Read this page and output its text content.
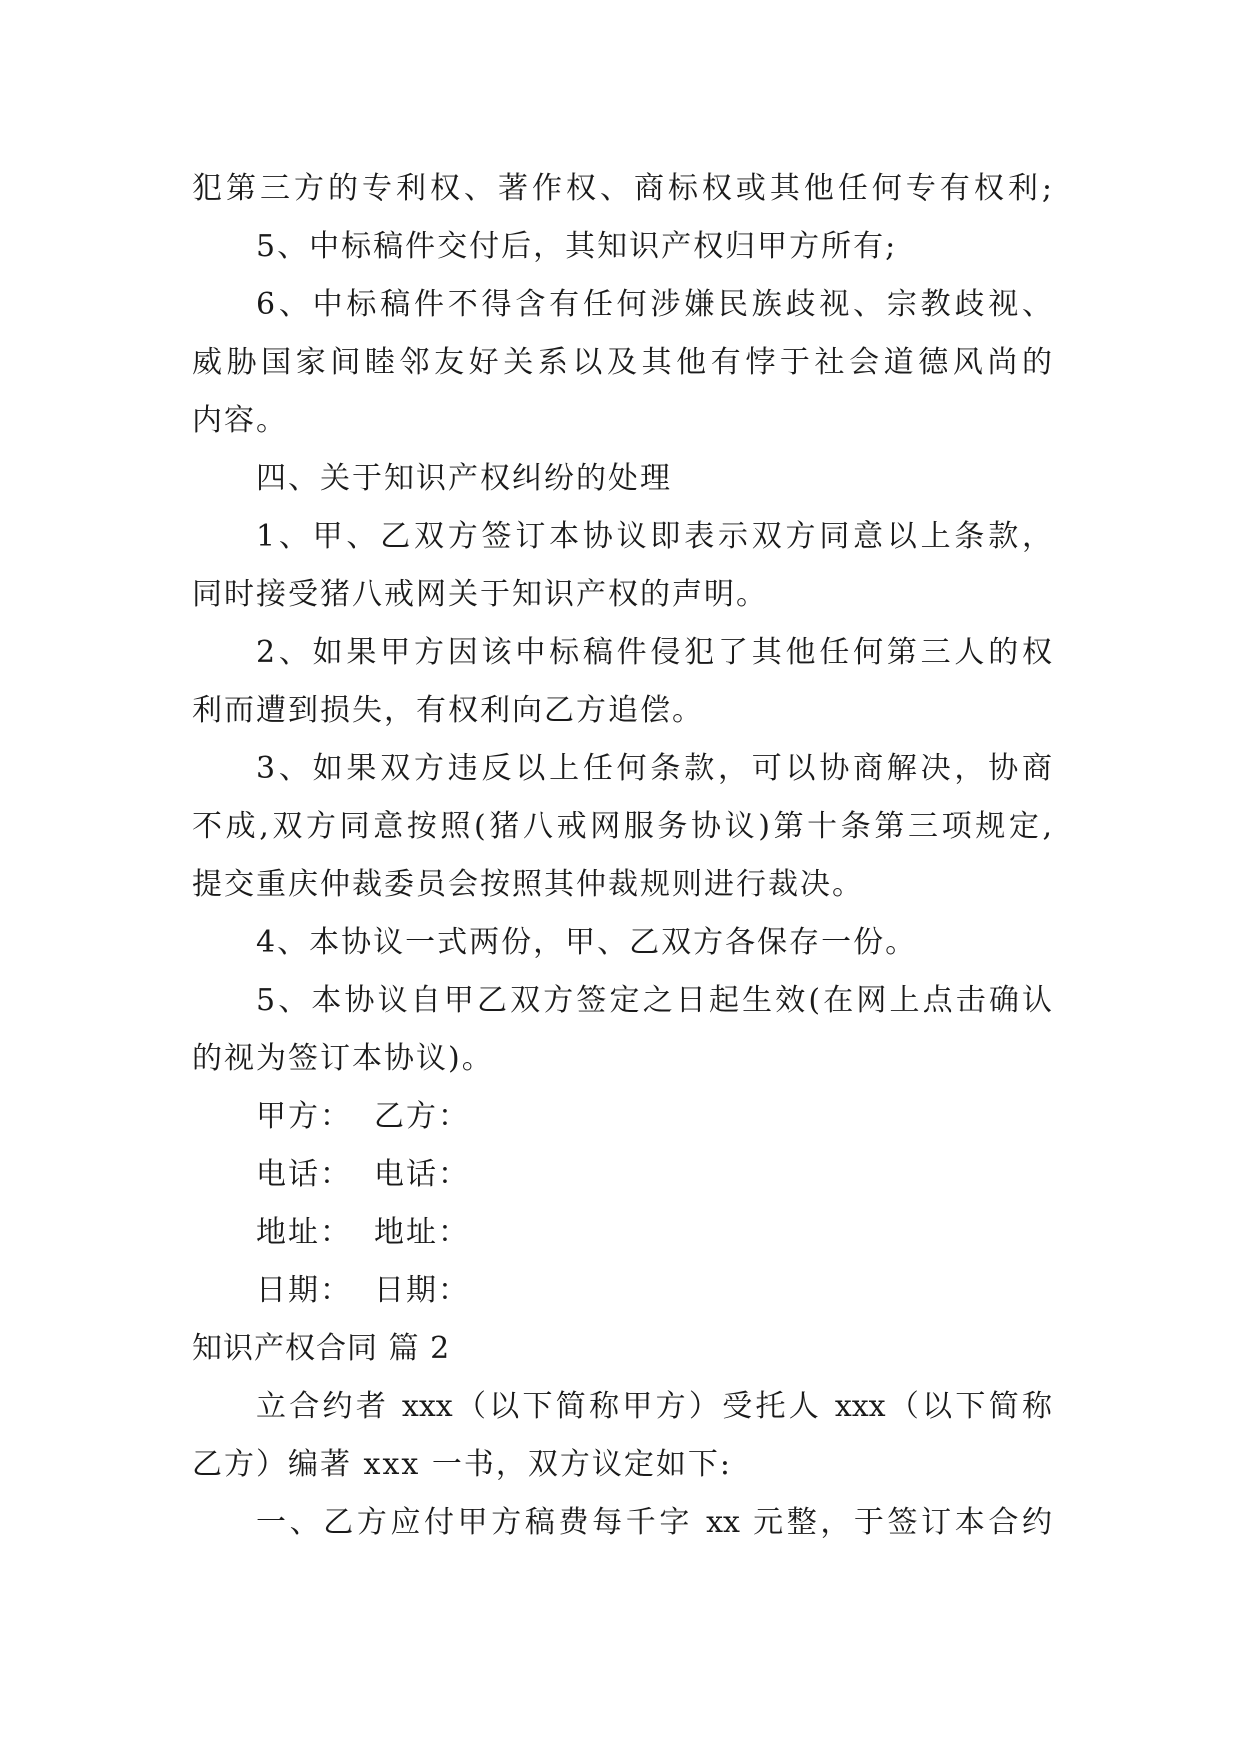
犯第三方的专利权、著作权、商标权或其他任何专有权利;
5、中标稿件交付后，其知识产权归甲方所有;
6、中标稿件不得含有任何涉嫌民族歧视、宗教歧视、
威胁国家间睦邻友好关系以及其他有悖于社会道德风尚的
内容。
四、关于知识产权纠纷的处理
1、甲、乙双方签订本协议即表示双方同意以上条款，
同时接受猪八戒网关于知识产权的声明。
2、如果甲方因该中标稿件侵犯了其他任何第三人的权
利而遭到损失，有权利向乙方追偿。
3、如果双方违反以上任何条款，可以协商解决，协商
不成,双方同意按照(猪八戒网服务协议)第十条第三项规定,
提交重庆仲裁委员会按照其仲裁规则进行裁决。
4、本协议一式两份，甲、乙双方各保存一份。
5、本协议自甲乙双方签定之日起生效(在网上点击确认
的视为签订本协议)。
甲方： 乙方：
电话： 电话：
地址： 地址：
日期： 日期：
知识产权合同 篇 2
立合约者 xxx（以下简称甲方）受托人 xxx（以下简称
乙方）编著 xxx 一书，双方议定如下:
一、乙方应付甲方稿费每千字 xx 元整，于签订本合约
